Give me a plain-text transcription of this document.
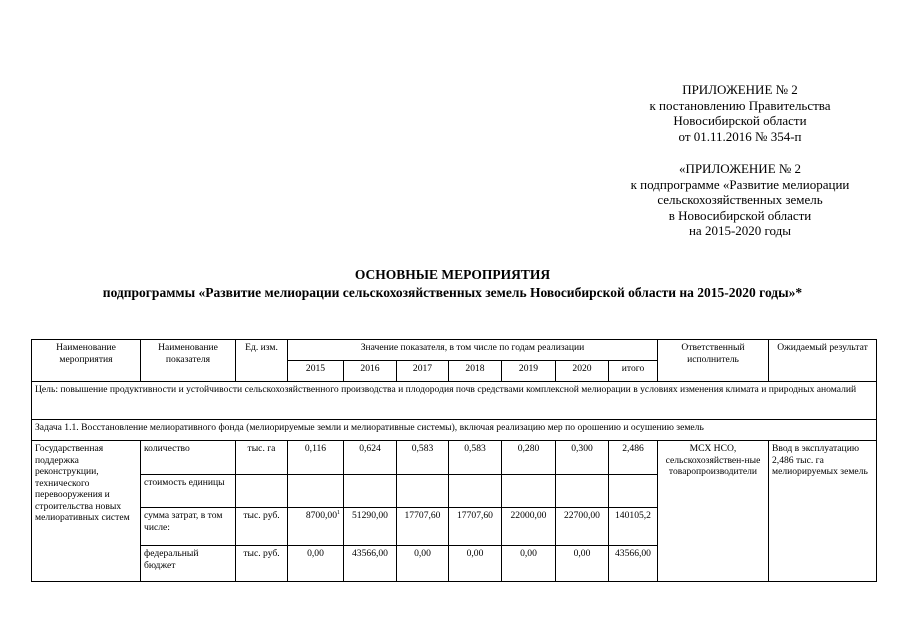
ПРИЛОЖЕНИЕ № 2
к постановлению Правительства
Новосибирской области
от 01.11.2016 № 354-п
«ПРИЛОЖЕНИЕ № 2
к подпрограмме «Развитие мелиорации
сельскохозяйственных земель
в Новосибирской области
на 2015-2020 годы
ОСНОВНЫЕ МЕРОПРИЯТИЯ
подпрограммы «Развитие мелиорации сельскохозяйственных земель Новосибирской области на 2015-2020 годы»*
Наименование мероприятия	Наименование показателя	Ед. изм.	Значение показателя, в том числе по годам реализации							Ответственный исполнитель	Ожидаемый результат
			2015	2016	2017	2018	2019	2020	итого		
Цель: повышение продуктивности и устойчивости сельскохозяйственного производства и плодородия почв средствами комплексной мелиорации в условиях изменения климата и природных аномалий											
Задача 1.1. Восстановление мелиоративного фонда (мелиорируемые земли и мелиоративные системы), включая реализацию мер по орошению и осушению земель											
Государственная поддержка реконструкции, технического перевооружения и строительства новых мелиоративных систем	количество	тыс. га	0,116	0,624	0,583	0,583	0,280	0,300	2,486	МСХ НСО, сельскохозяйствен-ные товаропроизводители	Ввод в эксплуатацию 2,486 тыс. га мелиорируемых земель
	стоимость единицы										
	сумма затрат, в том числе:	тыс. руб.	8700,00$^1$	51290,00	17707,60	17707,60	22000,00	22700,00	140105,2		
	федеральный бюджет	тыс. руб.	0,00	43566,00	0,00	0,00	0,00	0,00	43566,00		
